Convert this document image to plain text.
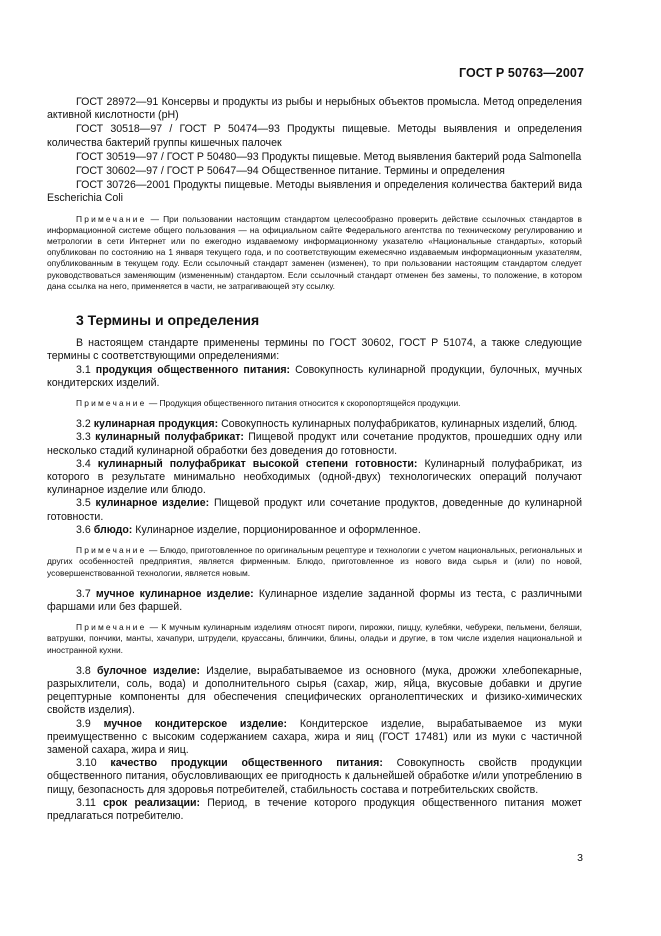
ГОСТ Р 50763—2007

ГОСТ 28972—91 Консервы и продукты из рыбы и нерыбных объектов промысла. Метод определения активной кислотности (рН)

ГОСТ 30518—97 / ГОСТ Р 50474—93 Продукты пищевые. Методы выявления и определения количества бактерий группы кишечных палочек

ГОСТ 30519—97 / ГОСТ Р 50480—93 Продукты пищевые. Метод выявления бактерий рода Salmonella

ГОСТ 30602—97 / ГОСТ Р 50647—94 Общественное питание. Термины и определения

ГОСТ 30726—2001 Продукты пищевые. Методы выявления и определения количества бактерий вида Escherichia Coli

Примечание — При пользовании настоящим стандартом целесообразно проверить действие ссылочных стандартов в информационной системе общего пользования — на официальном сайте Федерального агентства по техническому регулированию и метрологии в сети Интернет или по ежегодно издаваемому информационному указателю «Национальные стандарты», который опубликован по состоянию на 1 января текущего года, и по соответствующим ежемесячно издаваемым информационным указателям, опубликованным в текущем году. Если ссылочный стандарт заменен (изменен), то при пользовании настоящим стандартом следует руководствоваться заменяющим (измененным) стандартом. Если ссылочный стандарт отменен без замены, то положение, в котором дана ссылка на него, применяется в части, не затрагивающей эту ссылку.

3 Термины и определения

В настоящем стандарте применены термины по ГОСТ 30602, ГОСТ Р 51074, а также следующие термины с соответствующими определениями:

3.1 продукция общественного питания: Совокупность кулинарной продукции, булочных, мучных кондитерских изделий.

Примечание — Продукция общественного питания относится к скоропортящейся продукции.

3.2 кулинарная продукция: Совокупность кулинарных полуфабрикатов, кулинарных изделий, блюд.

3.3 кулинарный полуфабрикат: Пищевой продукт или сочетание продуктов, прошедших одну или несколько стадий кулинарной обработки без доведения до готовности.

3.4 кулинарный полуфабрикат высокой степени готовности: Кулинарный полуфабрикат, из которого в результате минимально необходимых (одной-двух) технологических операций получают кулинарное изделие или блюдо.

3.5 кулинарное изделие: Пищевой продукт или сочетание продуктов, доведенные до кулинарной готовности.

3.6 блюдо: Кулинарное изделие, порционированное и оформленное.

Примечание — Блюдо, приготовленное по оригинальным рецептуре и технологии с учетом национальных, региональных и других особенностей предприятия, является фирменным. Блюдо, приготовленное из нового вида сырья и (или) по новой, усовершенствованной технологии, является новым.

3.7 мучное кулинарное изделие: Кулинарное изделие заданной формы из теста, с различными фаршами или без фаршей.

Примечание — К мучным кулинарным изделиям относят пироги, пирожки, пиццу, кулебяки, чебуреки, пельмени, беляши, ватрушки, пончики, манты, хачапури, штрудели, круассаны, блинчики, блины, оладьи и другие, в том числе изделия национальной и иностранной кухни.

3.8 булочное изделие: Изделие, вырабатываемое из основного (мука, дрожжи хлебопекарные, разрыхлители, соль, вода) и дополнительного сырья (сахар, жир, яйца, вкусовые добавки и другие рецептурные компоненты для обеспечения специфических органолептических и физико-химических свойств изделия).

3.9 мучное кондитерское изделие: Кондитерское изделие, вырабатываемое из муки преимущественно с высоким содержанием сахара, жира и яиц (ГОСТ 17481) или из муки с частичной заменой сахара, жира и яиц.

3.10 качество продукции общественного питания: Совокупность свойств продукции общественного питания, обусловливающих ее пригодность к дальнейшей обработке и/или употреблению в пищу, безопасность для здоровья потребителей, стабильность состава и потребительских свойств.

3.11 срок реализации: Период, в течение которого продукция общественного питания может предлагаться потребителю.

3
